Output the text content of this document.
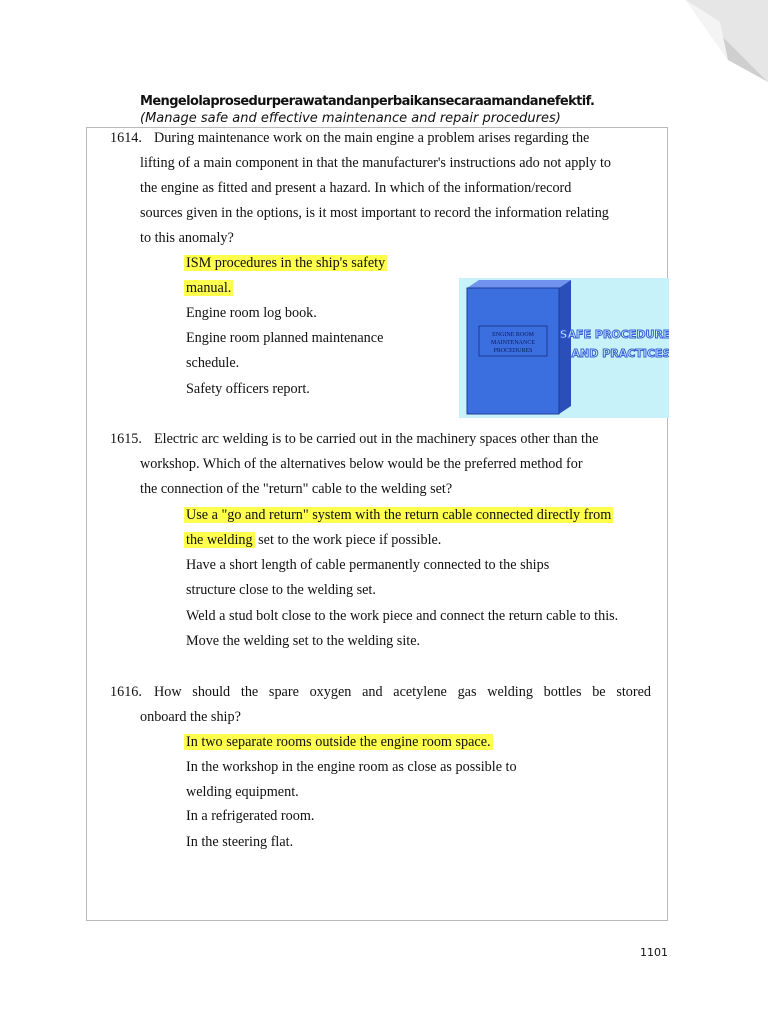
Mengelolaprosedurperawatandanperbaikansecaraamandanefektif.
(Manage safe and effective maintenance and repair procedures)
1614. During maintenance work on the main engine a problem arises regarding the
lifting of a main component in that the manufacturer's instructions ado not apply to
the engine as fitted and present a hazard. In which of the information/record
sources given in the options, is it most important to record the information relating
to this anomaly?
ISM procedures in the ship's safety
manual.
Engine room log book.
Engine room planned maintenance
schedule.
Safety officers report.
ENGINE ROOM
MAINTENANCE
PROCEDURES
SAFE PROCEDURES
AND PRACTICES
1615. Electric arc welding is to be carried out in the machinery spaces other than the
workshop. Which of the alternatives below would be the preferred method for
the connection of the "return" cable to the welding set?
Use a "go and return" system with the return cable connected directly from
the welding set to the work piece if possible.
Have a short length of cable permanently connected to the ships
structure close to the welding set.
Weld a stud bolt close to the work piece and connect the return cable to this.
Move the welding set to the welding site.
1616. How should the spare oxygen and acetylene gas welding bottles be stored
onboard the ship?
In two separate rooms outside the engine room space.
In the workshop in the engine room as close as possible to
welding equipment.
In a refrigerated room.
In the steering flat.
1101
